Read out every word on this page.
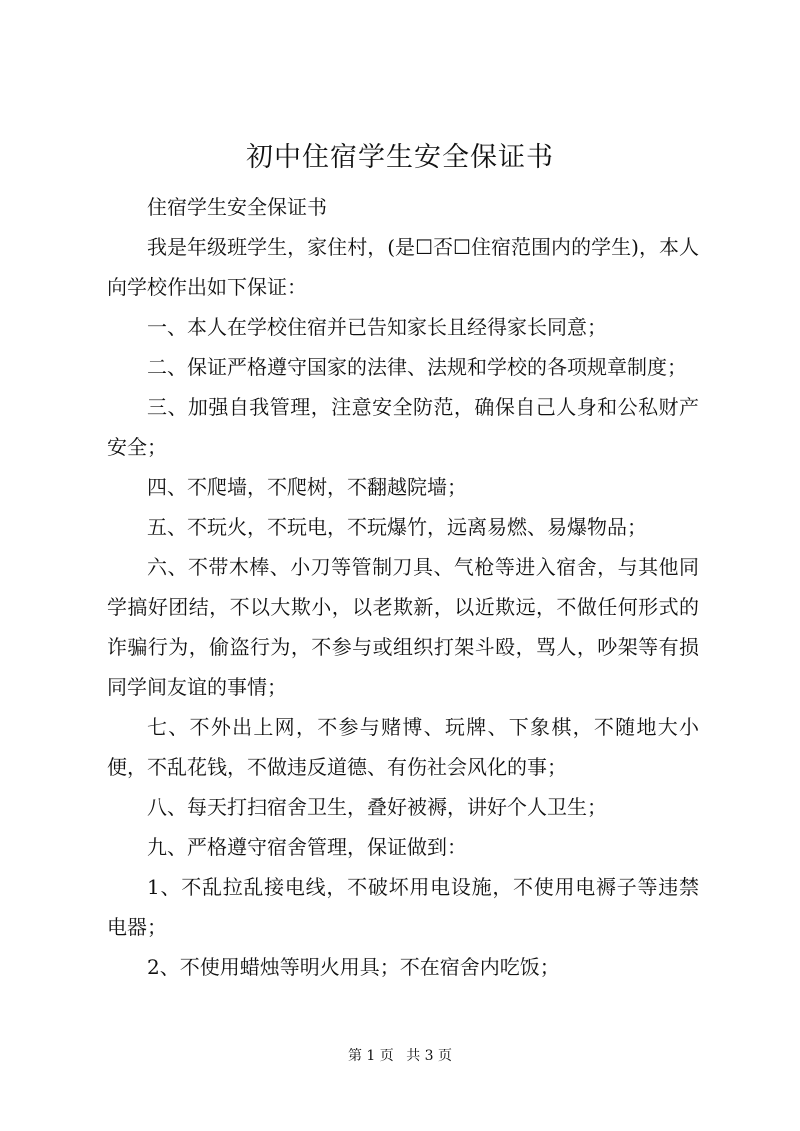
初中住宿学生安全保证书

住宿学生安全保证书

我是年级班学生，家住村，(是☐否☐住宿范围内的学生)，本人向学校作出如下保证：

一、本人在学校住宿并已告知家长且经得家长同意；

二、保证严格遵守国家的法律、法规和学校的各项规章制度；

三、加强自我管理，注意安全防范，确保自己人身和公私财产安全；

四、不爬墙，不爬树，不翻越院墙；

五、不玩火，不玩电，不玩爆竹，远离易燃、易爆物品；

六、不带木棒、小刀等管制刀具、气枪等进入宿舍，与其他同学搞好团结，不以大欺小，以老欺新，以近欺远，不做任何形式的诈骗行为，偷盗行为，不参与或组织打架斗殴，骂人，吵架等有损同学间友谊的事情；

七、不外出上网，不参与赌博、玩牌、下象棋，不随地大小便，不乱花钱，不做违反道德、有伤社会风化的事；

八、每天打扫宿舍卫生，叠好被褥，讲好个人卫生；

九、严格遵守宿舍管理，保证做到：

1、不乱拉乱接电线，不破坏用电设施，不使用电褥子等违禁电器；

2、不使用蜡烛等明火用具；不在宿舍内吃饭；

第 1 页 共 3 页
